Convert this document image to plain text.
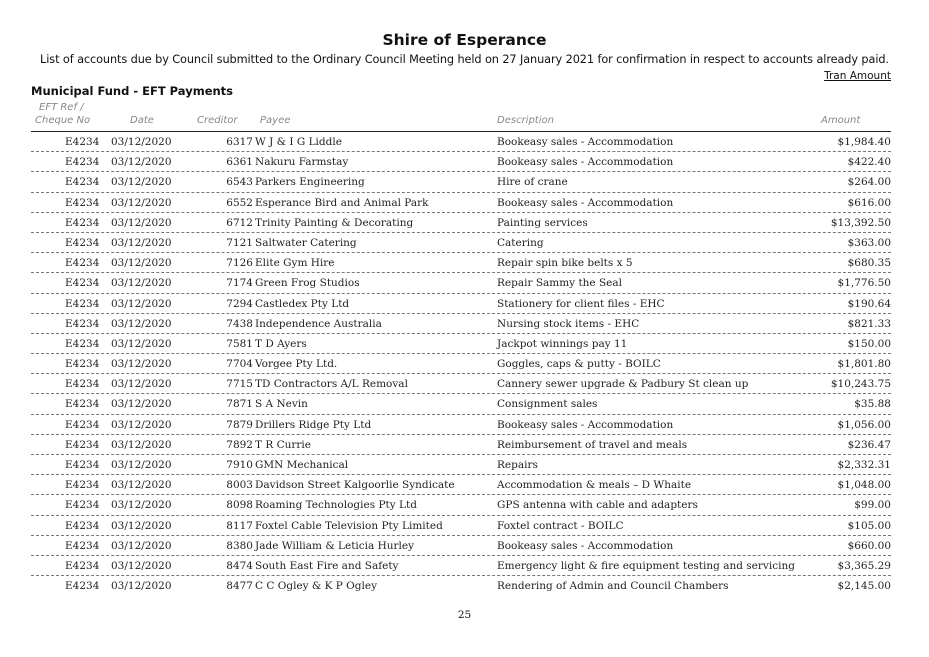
Shire of Esperance
List of accounts due by Council submitted to the Ordinary Council Meeting held on 27 January 2021 for confirmation in respect to accounts already paid.
Tran Amount
Municipal Fund - EFT Payments
EFT Ref /
Cheque No	Date	Creditor Payee	Description	Amount
E4234 03/12/2020	6317 W J & I G Liddle	Bookeasy sales - Accommodation	$1,984.40
E4234 03/12/2020	6361 Nakuru Farmstay	Bookeasy sales - Accommodation	$422.40
E4234 03/12/2020	6543 Parkers Engineering	Hire of crane	$264.00
E4234 03/12/2020	6552 Esperance Bird and Animal Park	Bookeasy sales - Accommodation	$616.00
E4234 03/12/2020	6712 Trinity Painting & Decorating	Painting services	$13,392.50
E4234 03/12/2020	7121 Saltwater Catering	Catering	$363.00
E4234 03/12/2020	7126 Elite Gym Hire	Repair spin bike belts x 5	$680.35
E4234 03/12/2020	7174 Green Frog Studios	Repair Sammy the Seal	$1,776.50
E4234 03/12/2020	7294 Castledex Pty Ltd	Stationery for client files - EHC	$190.64
E4234 03/12/2020	7438 Independence Australia	Nursing stock items - EHC	$821.33
E4234 03/12/2020	7581 T D Ayers	Jackpot winnings pay 11	$150.00
E4234 03/12/2020	7704 Vorgee Pty Ltd.	Goggles, caps & putty - BOILC	$1,801.80
E4234 03/12/2020	7715 TD Contractors A/L Removal	Cannery sewer upgrade & Padbury St clean up	$10,243.75
E4234 03/12/2020	7871 S A Nevin	Consignment sales	$35.88
E4234 03/12/2020	7879 Drillers Ridge Pty Ltd	Bookeasy sales - Accommodation	$1,056.00
E4234 03/12/2020	7892 T R Currie	Reimbursement of travel and meals	$236.47
E4234 03/12/2020	7910 GMN Mechanical	Repairs	$2,332.31
E4234 03/12/2020	8003 Davidson Street Kalgoorlie Syndicate	Accommodation & meals – D Whaite	$1,048.00
E4234 03/12/2020	8098 Roaming Technologies Pty Ltd	GPS antenna with cable and adapters	$99.00
E4234 03/12/2020	8117 Foxtel Cable Television Pty Limited	Foxtel contract - BOILC	$105.00
E4234 03/12/2020	8380 Jade William & Leticia Hurley	Bookeasy sales - Accommodation	$660.00
E4234 03/12/2020	8474 South East Fire and Safety	Emergency light & fire equipment testing and servicing	$3,365.29
E4234 03/12/2020	8477 C C Ogley & K P Ogley	Rendering of Admin and Council Chambers	$2,145.00
25
